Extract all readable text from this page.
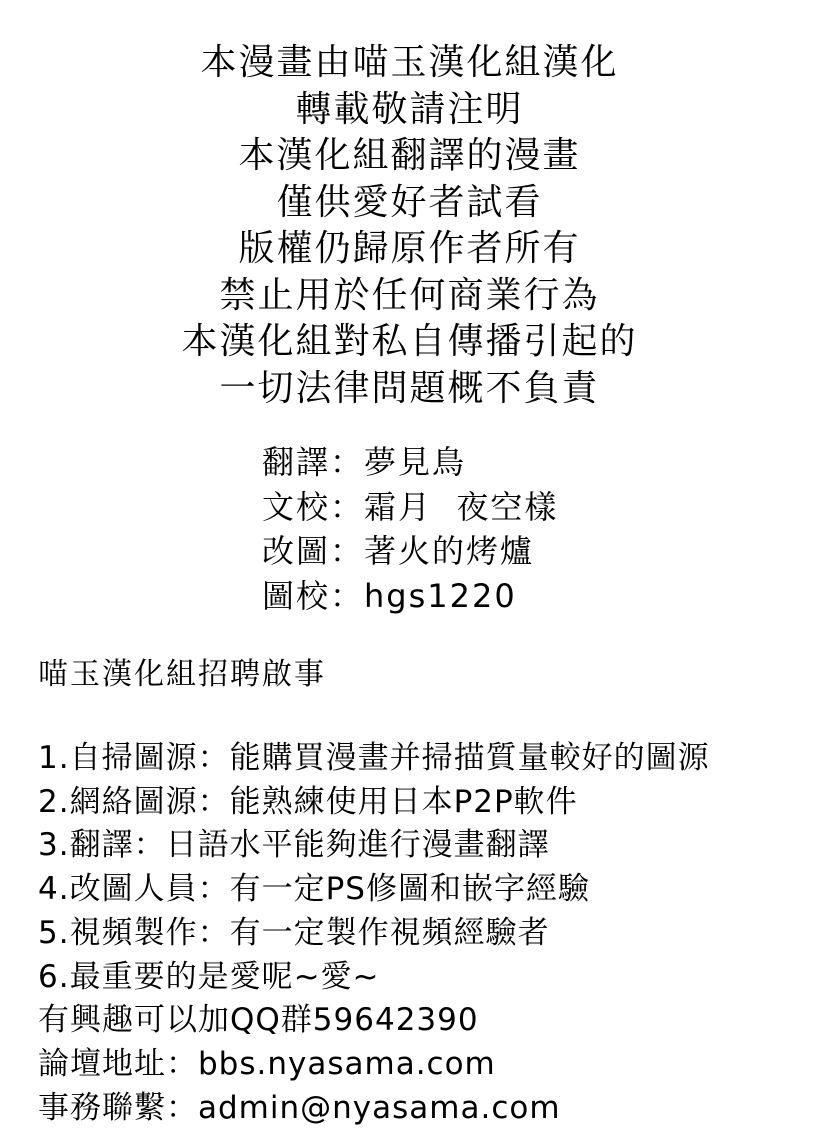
本漫畫由喵玉漢化組漢化
轉載敬請注明
本漢化組翻譯的漫畫
僅供愛好者試看
版權仍歸原作者所有
禁止用於任何商業行為
本漢化組對私自傳播引起的
一切法律問題概不負責
翻譯：夢見鳥
文校：霜月  夜空樣
改圖：著火的烤爐
圖校：hgs1220
喵玉漢化組招聘啟事
1.自掃圖源：能購買漫畫并掃描質量較好的圖源
2.網絡圖源：能熟練使用日本P2P軟件
3.翻譯：日語水平能夠進行漫畫翻譯
4.改圖人員：有一定PS修圖和嵌字經驗
5.視頻製作：有一定製作視頻經驗者
6.最重要的是愛呢~愛~
有興趣可以加QQ群59642390
論壇地址：bbs.nyasama.com
事務聯繫：admin@nyasama.com
